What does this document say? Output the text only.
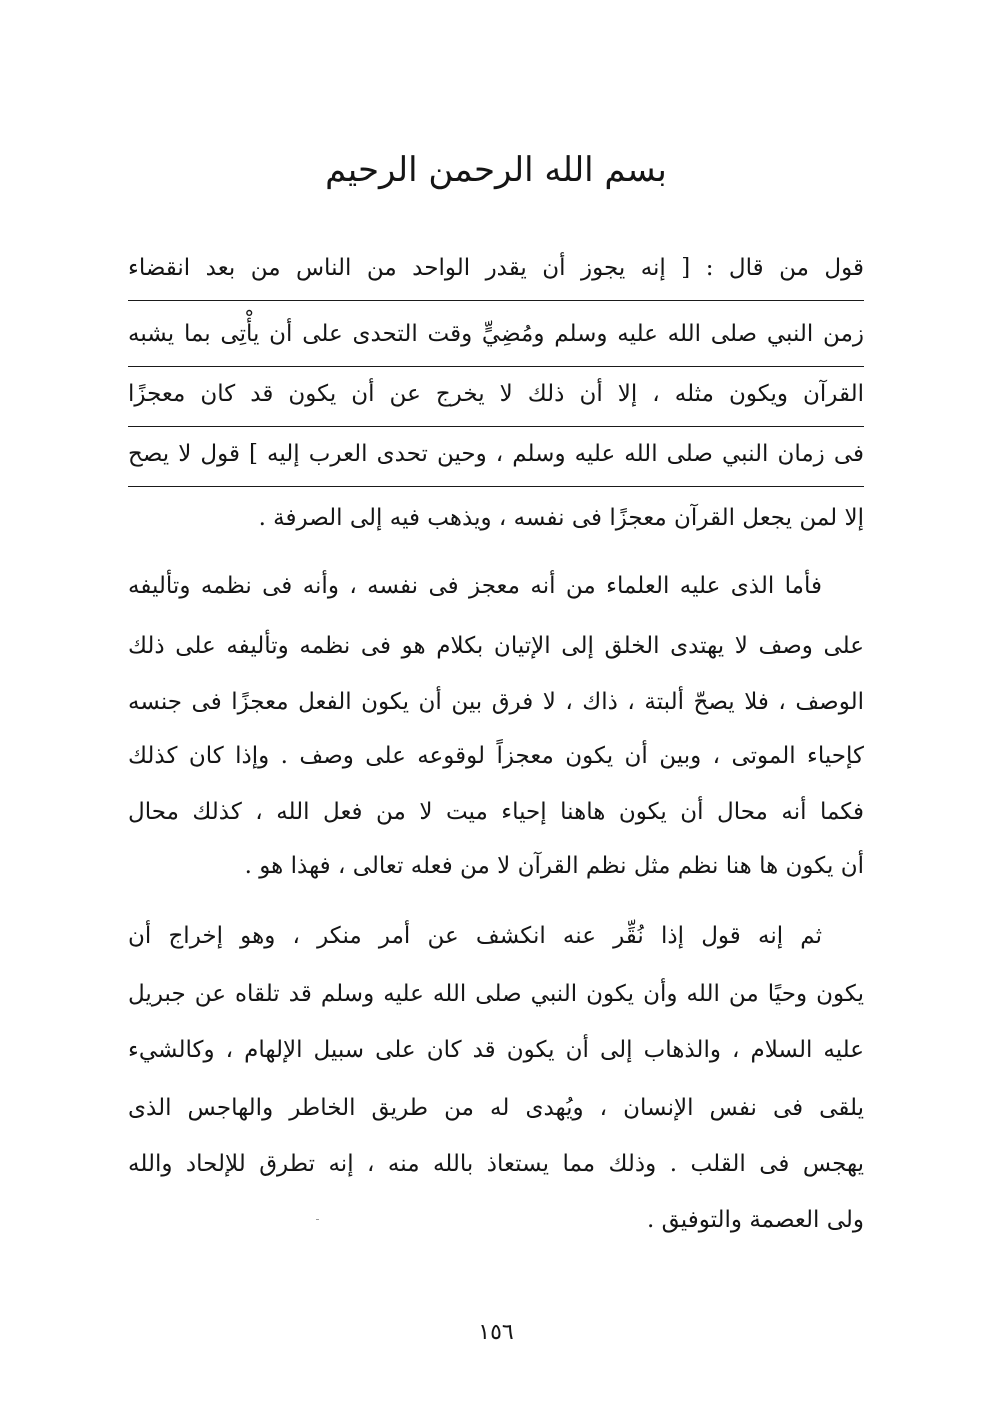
بسم الله الرحمن الرحيم
قول من قال : [ إنه يجوز أن يقدر الواحد من الناس من بعد انقضاء
زمن النبي صلى الله عليه وسلم ومُضِيٍّ وقت التحدى على أن يأْتِى بما يشبه
القرآن ويكون مثله ، إلا أن ذلك لا يخرج عن أن يكون قد كان معجزًا
فى زمان النبي صلى الله عليه وسلم ، وحين تحدى العرب إليه ] قول لا يصح
إلا لمن يجعل القرآن معجزًا فى نفسه ، ويذهب فيه إلى الصرفة .
فأما الذى عليه العلماء من أنه معجز فى نفسه ، وأنه فى نظمه وتأليفه
على وصف لا يهتدى الخلق إلى الإتيان بكلام هو فى نظمه وتأليفه على ذلك
الوصف ، فلا يصحّ ألبتة ، ذاك ، لا فرق بين أن يكون الفعل معجزًا فى جنسه
كإحياء الموتى ، وبين أن يكون معجزاً لوقوعه على وصف . وإذا كان كذلك
فكما أنه محال أن يكون هاهنا إحياء ميت لا من فعل الله ، كذلك محال
أن يكون ها هنا نظم مثل نظم القرآن لا من فعله تعالى ، فهذا هو .
ثم إنه قول إذا نُقِّر عنه انكشف عن أمر منكر ، وهو إخراج أن
يكون وحيًا من الله وأن يكون النبي صلى الله عليه وسلم قد تلقاه عن جبريل
عليه السلام ، والذهاب إلى أن يكون قد كان على سبيل الإلهام ، وكالشيء
يلقى فى نفس الإنسان ، ويُهدى له من طريق الخاطر والهاجس الذى
يهجس فى القلب . وذلك مما يستعاذ بالله منه ، إنه تطرق للإلحاد والله
ولى العصمة والتوفيق .
١٥٦
